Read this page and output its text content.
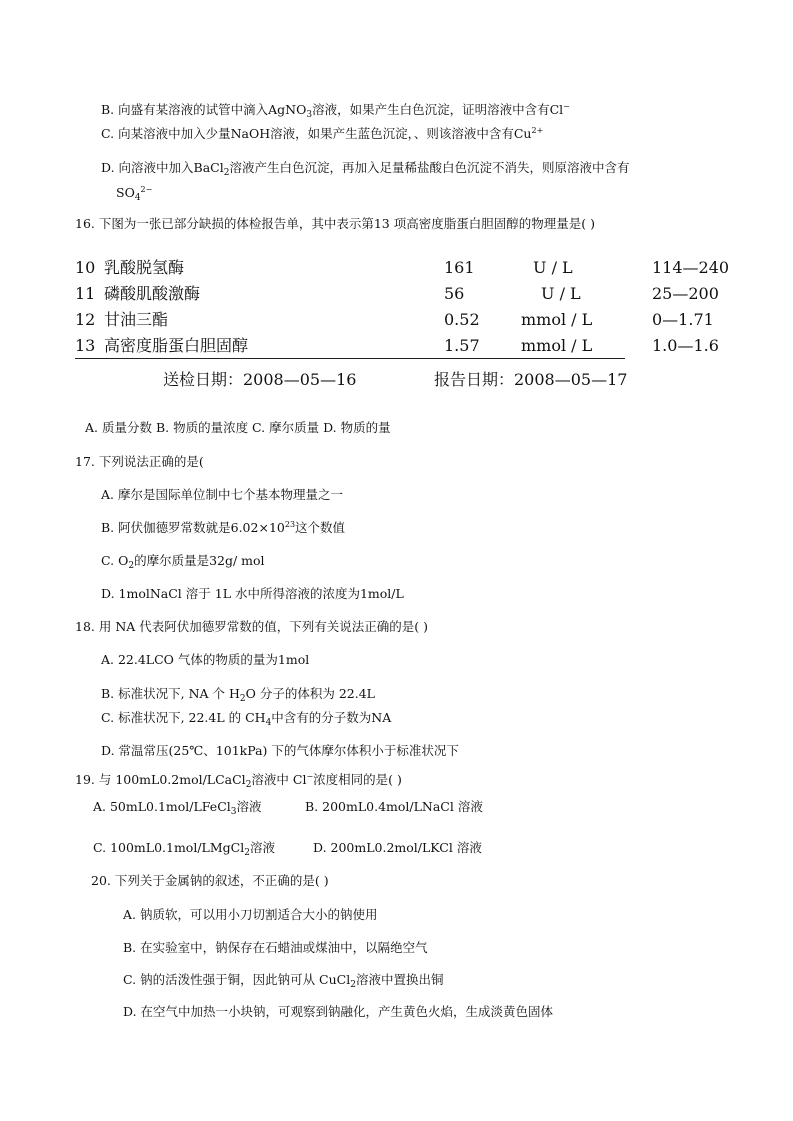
B. 向盛有某溶液的试管中滴入AgNO$_3$溶液，如果产生白色沉淀，证明溶液中含有Cl−
C. 向某溶液中加入少量NaOH溶液，如果产生蓝色沉淀，、则该溶液中含有$Cu^{2+}$
D. 向溶液中加入BaCl$_2$溶液产生白色沉淀，再加入足量稀盐酸白色沉淀不消失，则原溶液中含有
$SO_4^{2-}$
16. 下图为一张已部分缺损的体检报告单，其中表示第13 项高密度脂蛋白胆固醇的物理量是( )
10 乳酸脱氢酶	161	U / L	114—240
11 磷酸肌酸激酶	56	U / L	25—200
12 甘油三酯	0.52	mmol / L	0—1.71
13 高密度脂蛋白胆固醇	1.57	mmol / L	1.0—1.6
送检日期：2008—05—16	报告日期：2008—05—17
A. 质量分数 B. 物质的量浓度 C. 摩尔质量 D. 物质的量
17. 下列说法正确的是(
A. 摩尔是国际单位制中七个基本物理量之一
B. 阿伏伽德罗常数就是$6.02\times 10^{23}$这个数值
C. $O_2$的摩尔质量是32g/ mol
D. 1molNaCl 溶于 1L 水中所得溶液的浓度为1mol/L
18. 用 NA 代表阿伏加德罗常数的值，下列有关说法正确的是( )
A. 22.4LCO 气体的物质的量为1mol
B. 标准状况下, NA 个 $H_2O$ 分子的体积为 22.4L
C. 标准状况下, 22.4L 的 $CH_4$中含有的分子数为NA
D. 常温常压(25℃、101kPa) 下的气体摩尔体积小于标准状况下
19. 与 100mL0.2mol/LCaCl$_2$溶液中 Cl−浓度相同的是( )
A. 50mL0.1mol/LFeCl$_3$溶液	B. 200mL0.4mol/LNaCl 溶液
C. 100mL0.1mol/LMgCl$_2$溶液	D. 200mL0.2mol/LKCl 溶液
20. 下列关于金属钠的叙述，不正确的是( )
A. 钠质软，可以用小刀切割适合大小的钠使用
B. 在实验室中，钠保存在石蜡油或煤油中，以隔绝空气
C. 钠的活泼性强于铜，因此钠可从 CuCl$_2$溶液中置换出铜
D. 在空气中加热一小块钠，可观察到钠融化，产生黄色火焰，生成淡黄色固体
